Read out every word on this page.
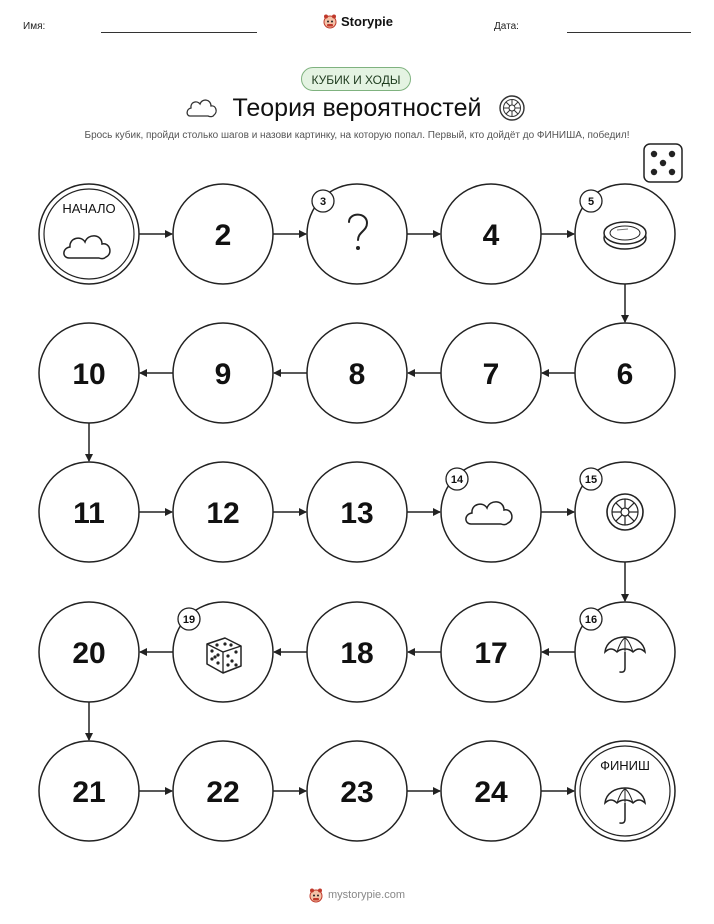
Имя:	Дата:
Storypie
КУБИК И ХОДЫ
Теория вероятностей
Брось кубик, пройди столько шагов и назови картинку, на которую попал. Первый, кто дойдёт до ФИНИША, победил!
НАЧАЛО
2
3
4
5
10	9	8	7	6
11	12	13
14	15
20
19
18	17
16
21	22	23	24
ФИНИШ
mystorypie.com
